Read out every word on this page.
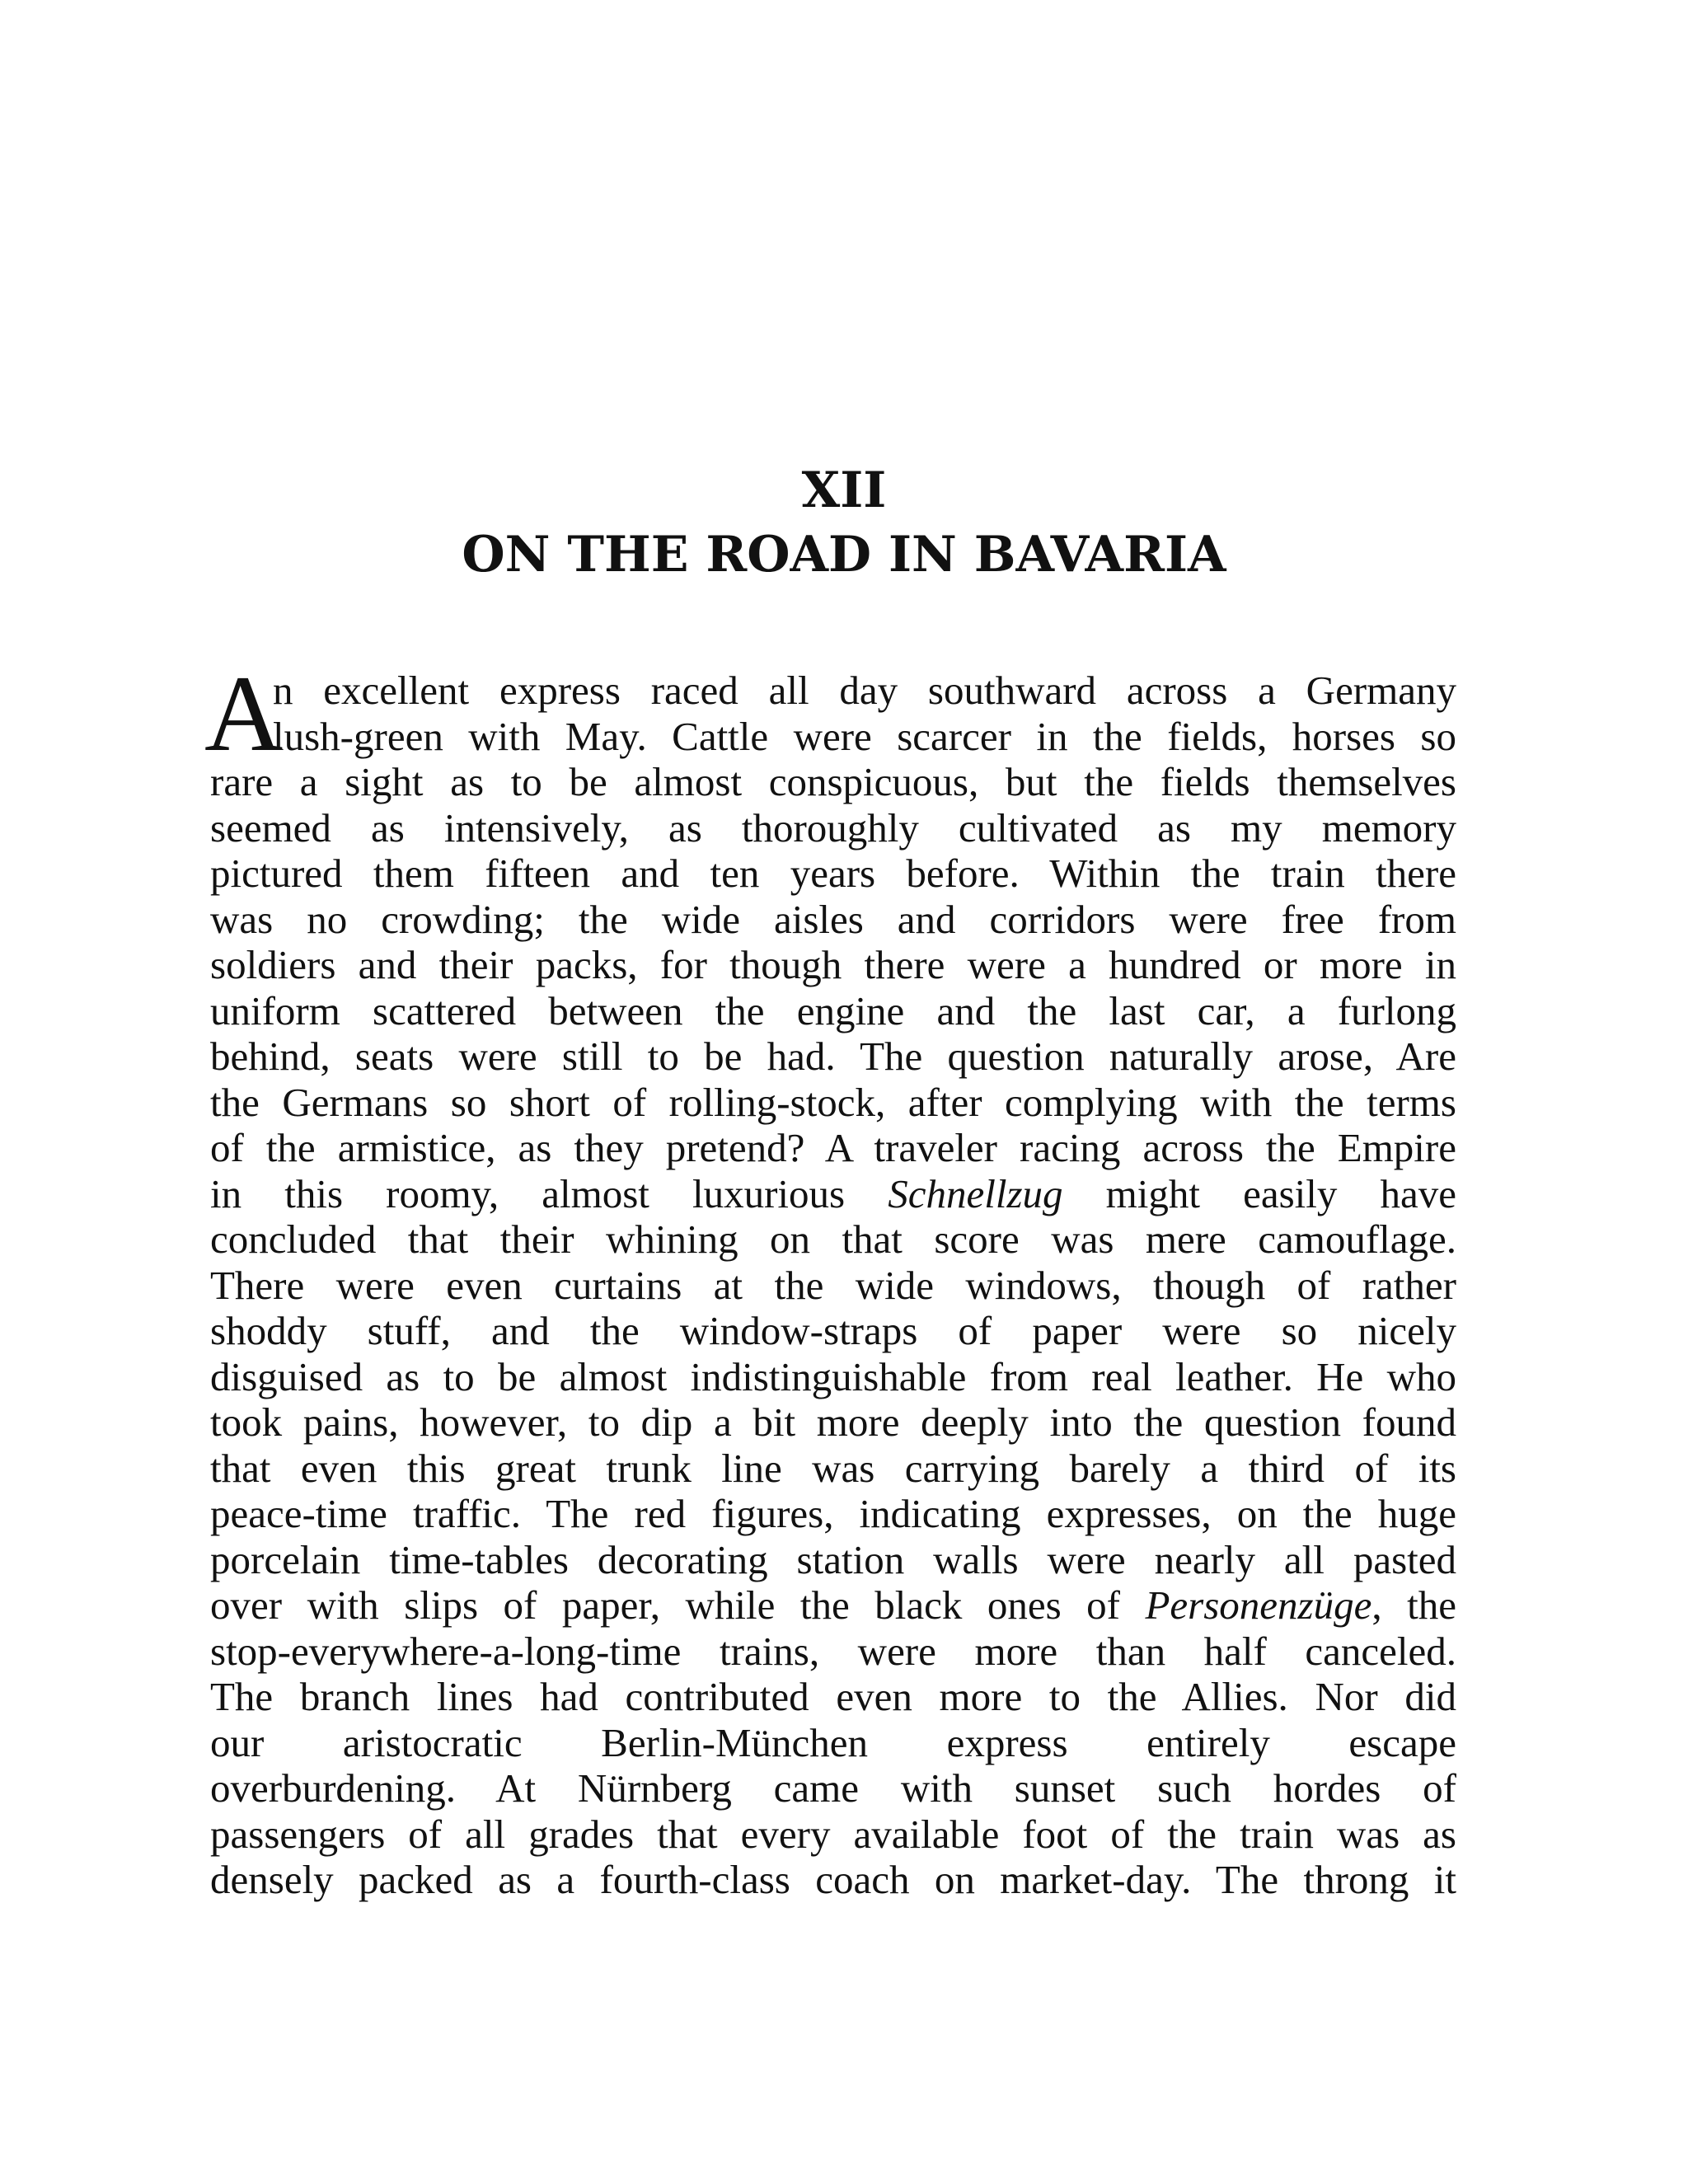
XII
ON THE ROAD IN BAVARIA
A
n excellent express raced all day southward across a Germany
lush-green with May. Cattle were scarcer in the fields, horses so
rare a sight as to be almost conspicuous, but the fields themselves
seemed as intensively, as thoroughly cultivated as my memory
pictured them fifteen and ten years before. Within the train there
was no crowding; the wide aisles and corridors were free from
soldiers and their packs, for though there were a hundred or more in
uniform scattered between the engine and the last car, a furlong
behind, seats were still to be had. The question naturally arose, Are
the Germans so short of rolling-stock, after complying with the terms
of the armistice, as they pretend? A traveler racing across the Empire
in this roomy, almost luxurious Schnellzug might easily have
concluded that their whining on that score was mere camouflage.
There were even curtains at the wide windows, though of rather
shoddy stuff, and the window-straps of paper were so nicely
disguised as to be almost indistinguishable from real leather. He who
took pains, however, to dip a bit more deeply into the question found
that even this great trunk line was carrying barely a third of its
peace-time traffic. The red figures, indicating expresses, on the huge
porcelain time-tables decorating station walls were nearly all pasted
over with slips of paper, while the black ones of Personenzüge, the
stop-everywhere-a-long-time trains, were more than half canceled.
The branch lines had contributed even more to the Allies. Nor did
our aristocratic Berlin-München express entirely escape
overburdening. At Nürnberg came with sunset such hordes of
passengers of all grades that every available foot of the train was as
densely packed as a fourth-class coach on market-day. The throng it
